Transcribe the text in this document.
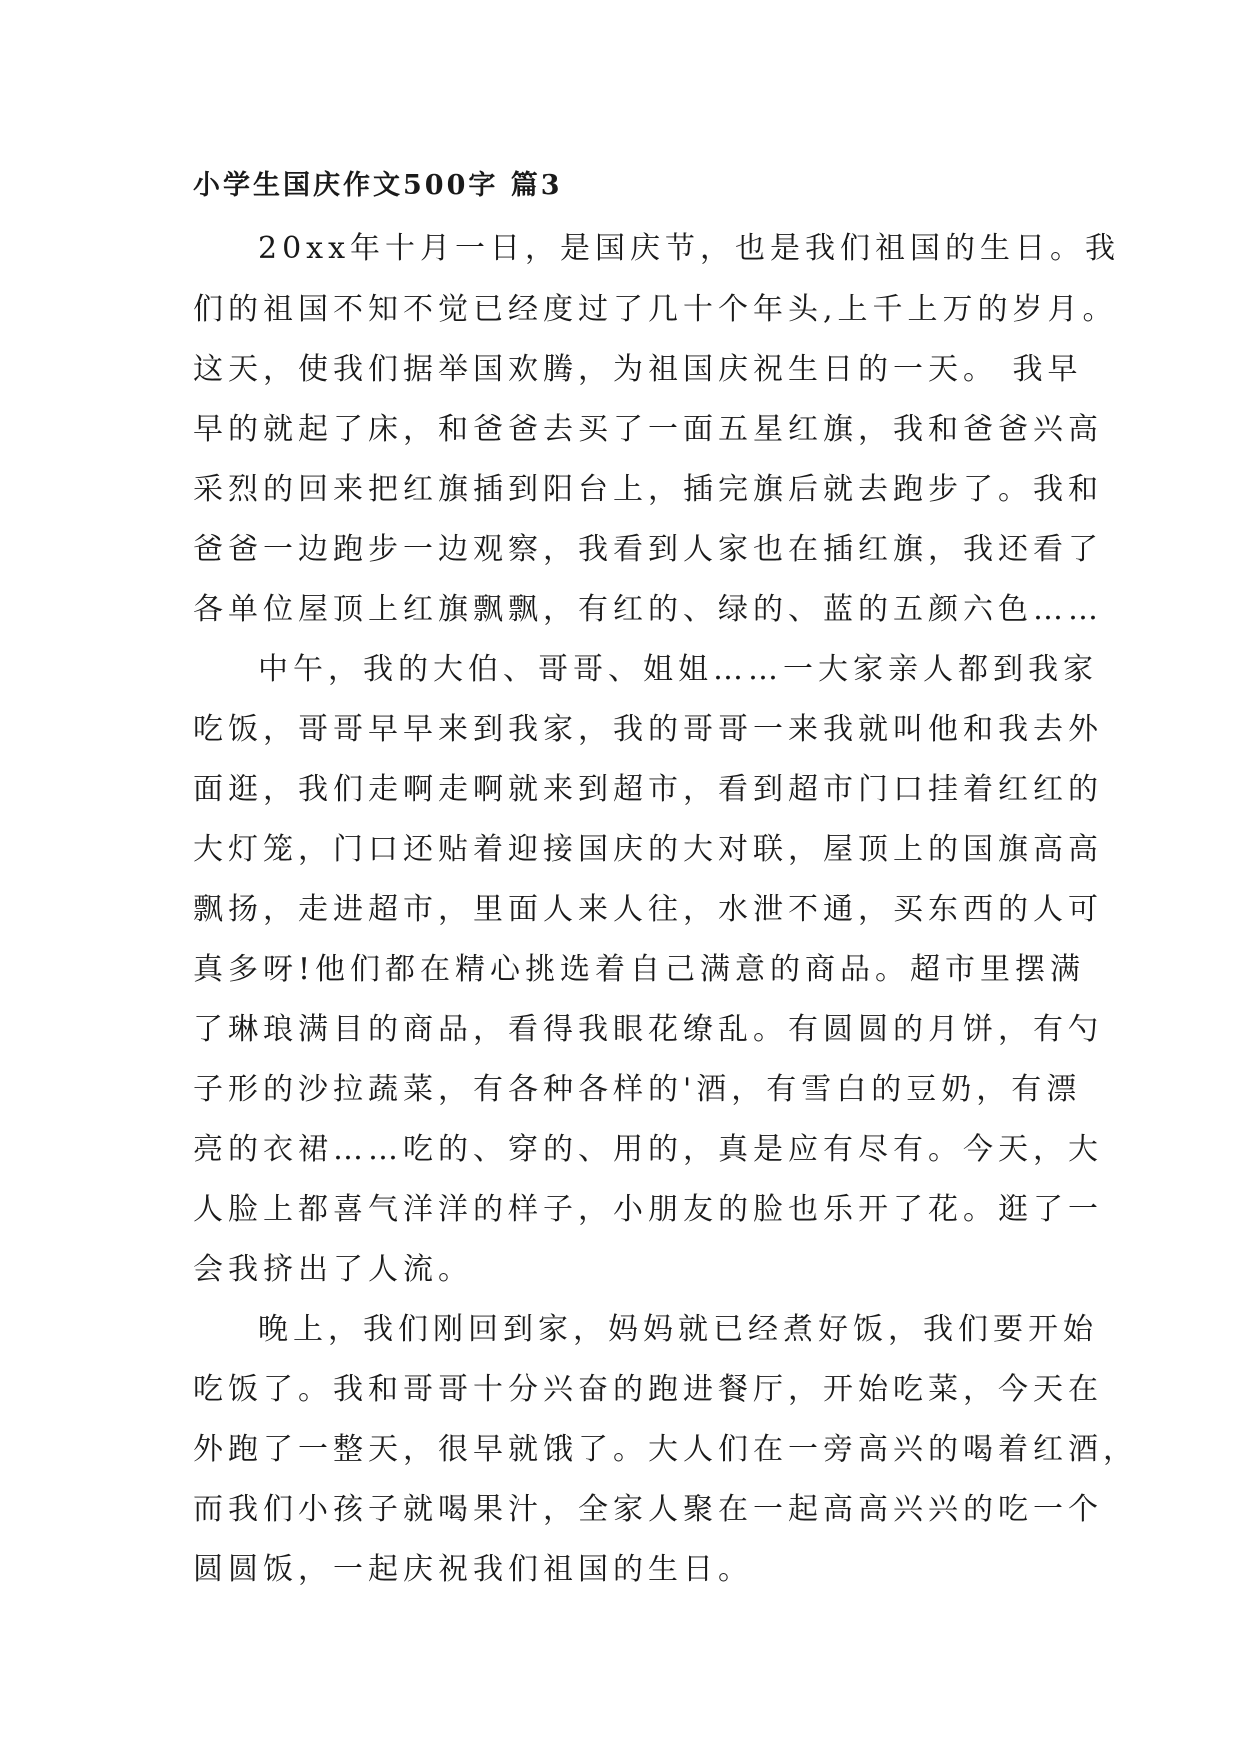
小学生国庆作文500字 篇3
20xx年十月一日，是国庆节，也是我们祖国的生日。我
们的祖国不知不觉已经度过了几十个年头,上千上万的岁月。
这天，使我们据举国欢腾，为祖国庆祝生日的一天。 我早
早的就起了床，和爸爸去买了一面五星红旗，我和爸爸兴高
采烈的回来把红旗插到阳台上，插完旗后就去跑步了。我和
爸爸一边跑步一边观察，我看到人家也在插红旗，我还看了
各单位屋顶上红旗飘飘，有红的、绿的、蓝的五颜六色……
中午，我的大伯、哥哥、姐姐……一大家亲人都到我家
吃饭，哥哥早早来到我家，我的哥哥一来我就叫他和我去外
面逛，我们走啊走啊就来到超市，看到超市门口挂着红红的
大灯笼，门口还贴着迎接国庆的大对联，屋顶上的国旗高高
飘扬，走进超市，里面人来人往，水泄不通，买东西的人可
真多呀!他们都在精心挑选着自己满意的商品。超市里摆满
了琳琅满目的商品，看得我眼花缭乱。有圆圆的月饼，有勺
子形的沙拉蔬菜，有各种各样的'酒，有雪白的豆奶，有漂
亮的衣裙……吃的、穿的、用的，真是应有尽有。今天，大
人脸上都喜气洋洋的样子，小朋友的脸也乐开了花。逛了一
会我挤出了人流。
晚上，我们刚回到家，妈妈就已经煮好饭，我们要开始
吃饭了。我和哥哥十分兴奋的跑进餐厅，开始吃菜，今天在
外跑了一整天，很早就饿了。大人们在一旁高兴的喝着红酒，
而我们小孩子就喝果汁，全家人聚在一起高高兴兴的吃一个
圆圆饭，一起庆祝我们祖国的生日。
